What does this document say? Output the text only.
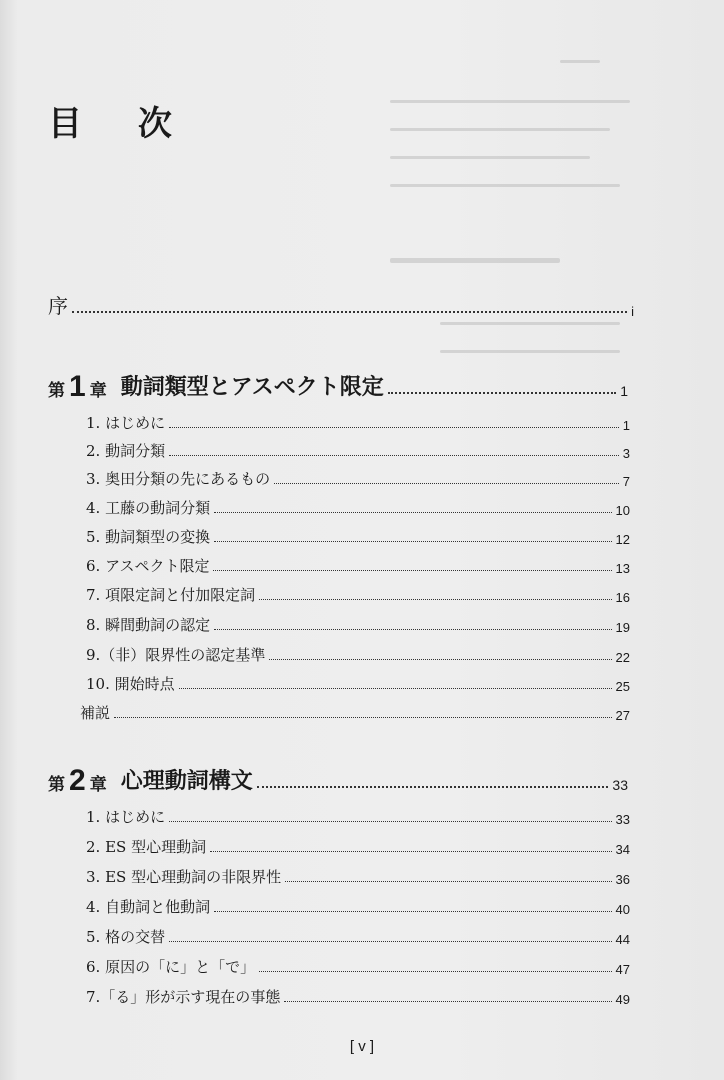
目 次
序	i
第 1 章 動詞類型とアスペクト限定	1
1. はじめに	1
2. 動詞分類	3
3. 奥田分類の先にあるもの	7
4. 工藤の動詞分類	10
5. 動詞類型の変換	12
6. アスペクト限定	13
7. 項限定詞と付加限定詞	16
8. 瞬間動詞の認定	19
9.（非）限界性の認定基準	22
10. 開始時点	25
補説	27
第 2 章 心理動詞構文	33
1. はじめに	33
2. ES 型心理動詞	34
3. ES 型心理動詞の非限界性	36
4. 自動詞と他動詞	40
5. 格の交替	44
6. 原因の「に」と「で」	47
7.「る」形が示す現在の事態	49
[ v ]
